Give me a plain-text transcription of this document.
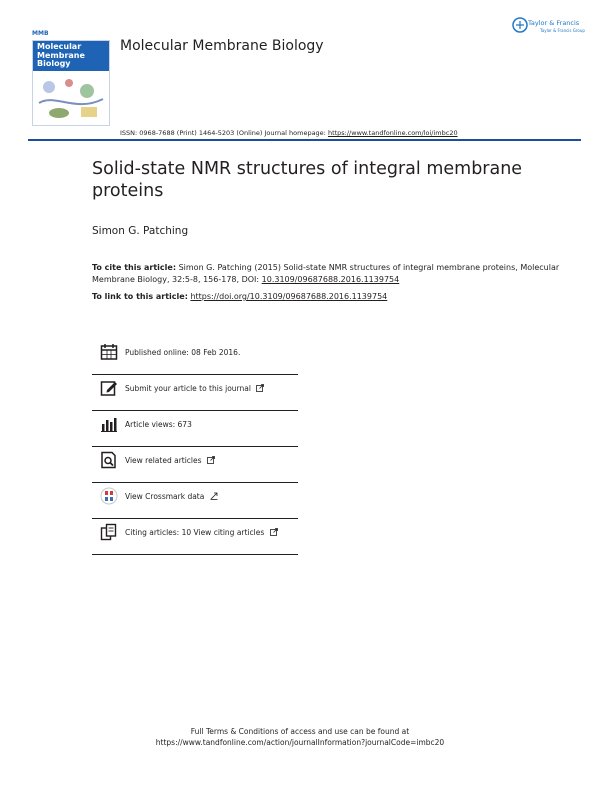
Molecular
Membrane
Biology
MMB
Molecular Membrane Biology
Taylor & Francis
Taylor & Francis Group
ISSN: 0968-7688 (Print) 1464-5203 (Online) Journal homepage: https://www.tandfonline.com/loi/imbc20
Solid-state NMR structures of integral membrane proteins
Simon G. Patching
To cite this article: Simon G. Patching (2015) Solid-state NMR structures of integral membrane proteins, Molecular Membrane Biology, 32:5-8, 156-178, DOI: 10.3109/09687688.2016.1139754
To link to this article: https://doi.org/10.3109/09687688.2016.1139754
Published online: 08 Feb 2016.
Submit your article to this journal
Article views: 673
View related articles
View Crossmark data
Citing articles: 10 View citing articles
Full Terms & Conditions of access and use can be found at
https://www.tandfonline.com/action/journalInformation?journalCode=imbc20
